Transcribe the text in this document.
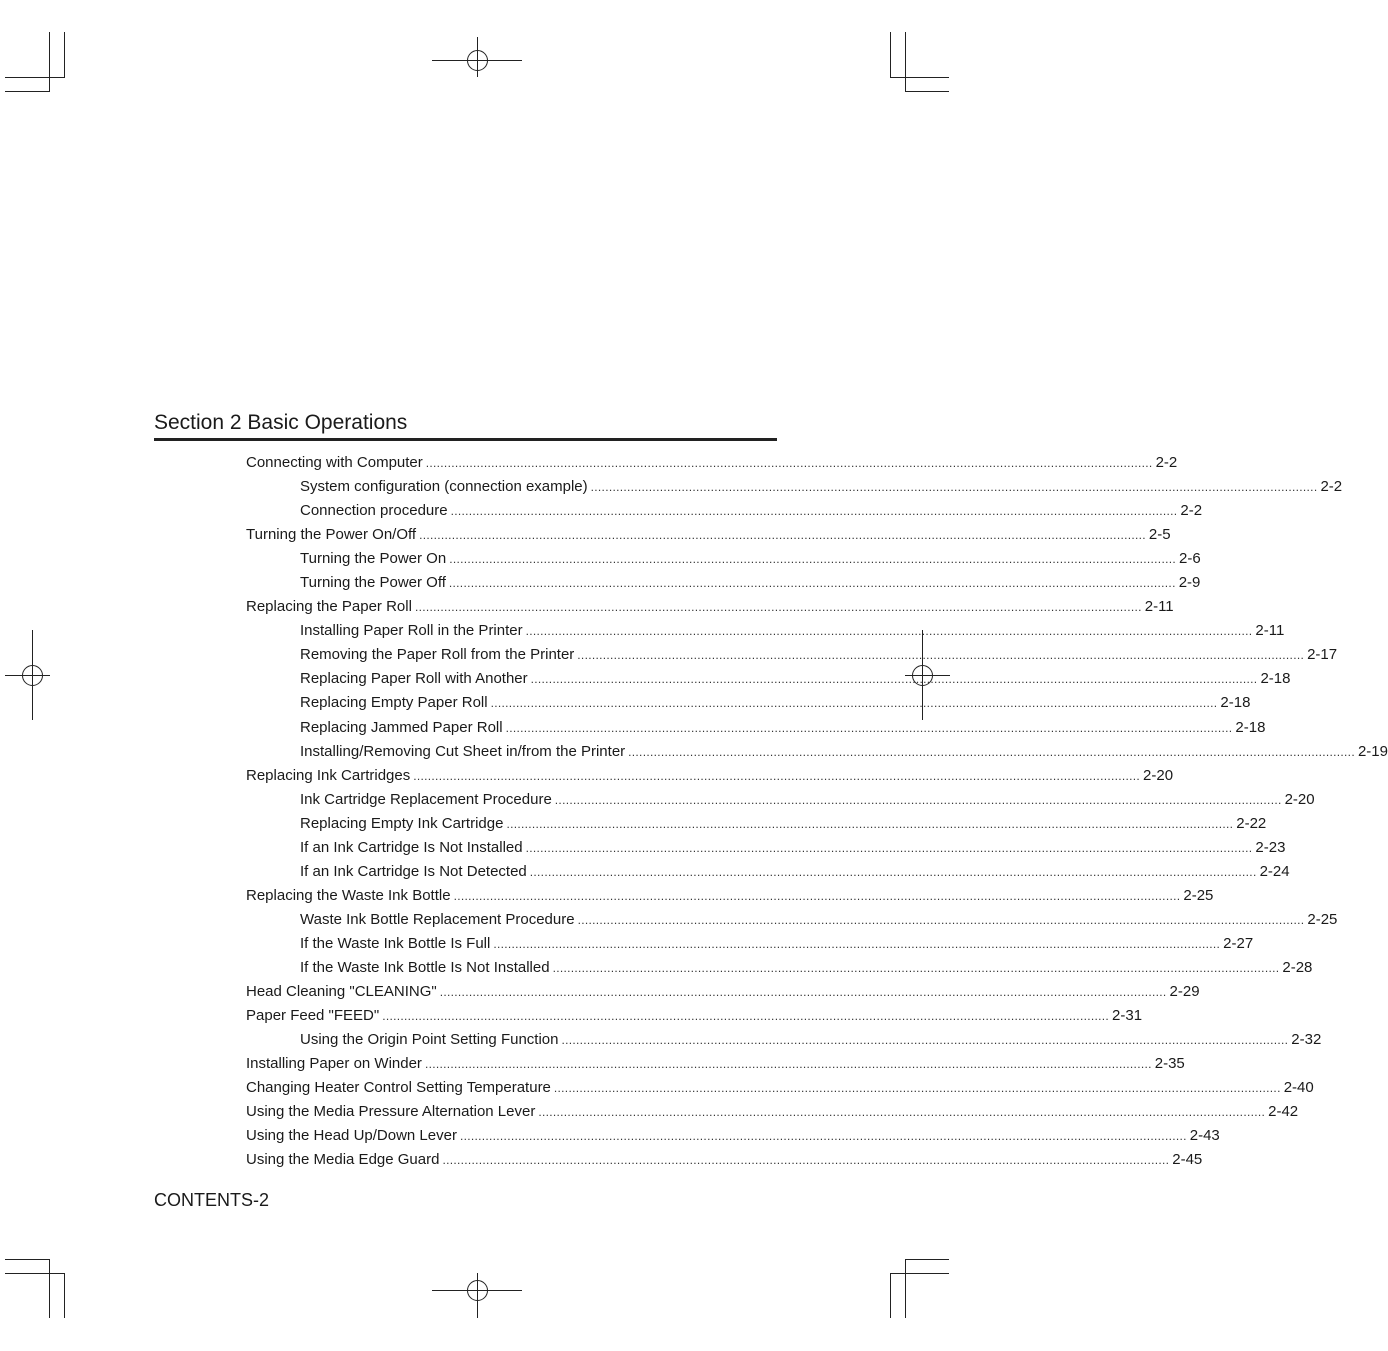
Section 2 Basic Operations
Connecting with Computer ........................................................................................................................................................................................................ 2-2
System configuration (connection example) ........................................................................................................................................................................................................ 2-2
Connection procedure ........................................................................................................................................................................................................ 2-2
Turning the Power On/Off ........................................................................................................................................................................................................ 2-5
Turning the Power On ........................................................................................................................................................................................................ 2-6
Turning the Power Off ........................................................................................................................................................................................................ 2-9
Replacing the Paper Roll ........................................................................................................................................................................................................ 2-11
Installing Paper Roll in the Printer ........................................................................................................................................................................................................ 2-11
Removing the Paper Roll from the Printer ........................................................................................................................................................................................................ 2-17
Replacing Paper Roll with Another ........................................................................................................................................................................................................ 2-18
Replacing Empty Paper Roll ........................................................................................................................................................................................................ 2-18
Replacing Jammed Paper Roll ........................................................................................................................................................................................................ 2-18
Installing/Removing Cut Sheet in/from the Printer ........................................................................................................................................................................................................ 2-19
Replacing Ink Cartridges ........................................................................................................................................................................................................ 2-20
Ink Cartridge Replacement Procedure ........................................................................................................................................................................................................ 2-20
Replacing Empty Ink Cartridge ........................................................................................................................................................................................................ 2-22
If an Ink Cartridge Is Not Installed ........................................................................................................................................................................................................ 2-23
If an Ink Cartridge Is Not Detected ........................................................................................................................................................................................................ 2-24
Replacing the Waste Ink Bottle ........................................................................................................................................................................................................ 2-25
Waste Ink Bottle Replacement Procedure ........................................................................................................................................................................................................ 2-25
If the Waste Ink Bottle Is Full ........................................................................................................................................................................................................ 2-27
If the Waste Ink Bottle Is Not Installed ........................................................................................................................................................................................................ 2-28
Head Cleaning "CLEANING" ........................................................................................................................................................................................................ 2-29
Paper Feed "FEED" ........................................................................................................................................................................................................ 2-31
Using the Origin Point Setting Function ........................................................................................................................................................................................................ 2-32
Installing Paper on Winder ........................................................................................................................................................................................................ 2-35
Changing Heater Control Setting Temperature ........................................................................................................................................................................................................ 2-40
Using the Media Pressure Alternation Lever ........................................................................................................................................................................................................ 2-42
Using the Head Up/Down Lever ........................................................................................................................................................................................................ 2-43
Using the Media Edge Guard ........................................................................................................................................................................................................ 2-45
CONTENTS-2
